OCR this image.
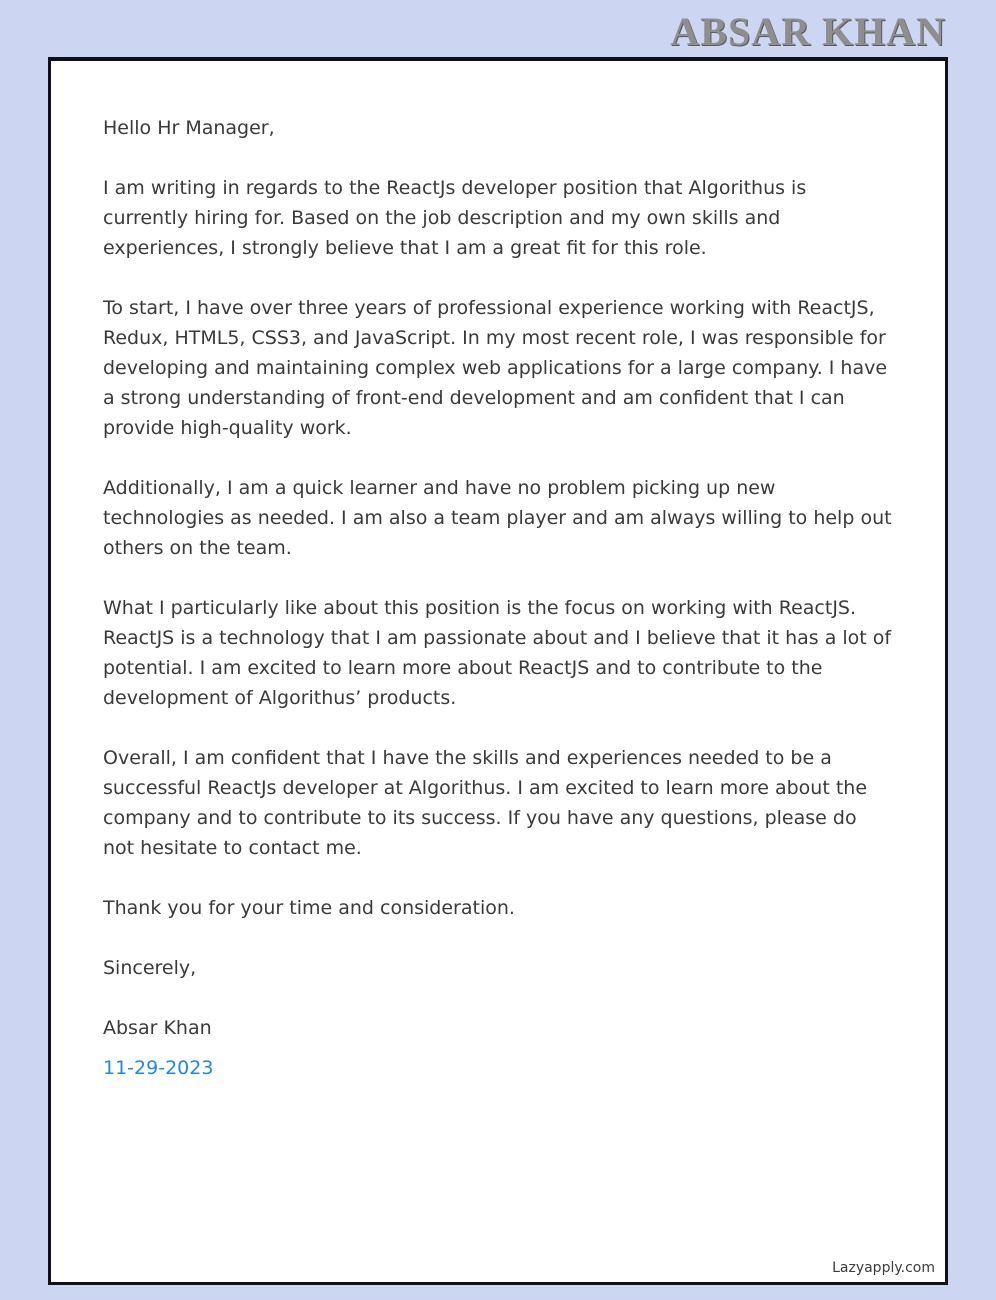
ABSAR KHAN

Hello Hr Manager,

I am writing in regards to the ReactJs developer position that Algorithus is currently hiring for. Based on the job description and my own skills and experiences, I strongly believe that I am a great fit for this role.

To start, I have over three years of professional experience working with ReactJS, Redux, HTML5, CSS3, and JavaScript. In my most recent role, I was responsible for developing and maintaining complex web applications for a large company. I have a strong understanding of front-end development and am confident that I can provide high-quality work.

Additionally, I am a quick learner and have no problem picking up new technologies as needed. I am also a team player and am always willing to help out others on the team.

What I particularly like about this position is the focus on working with ReactJS. ReactJS is a technology that I am passionate about and I believe that it has a lot of potential. I am excited to learn more about ReactJS and to contribute to the development of Algorithus’ products.

Overall, I am confident that I have the skills and experiences needed to be a successful ReactJs developer at Algorithus. I am excited to learn more about the company and to contribute to its success. If you have any questions, please do not hesitate to contact me.

Thank you for your time and consideration.

Sincerely,

Absar Khan

11-29-2023
Lazyapply.com
